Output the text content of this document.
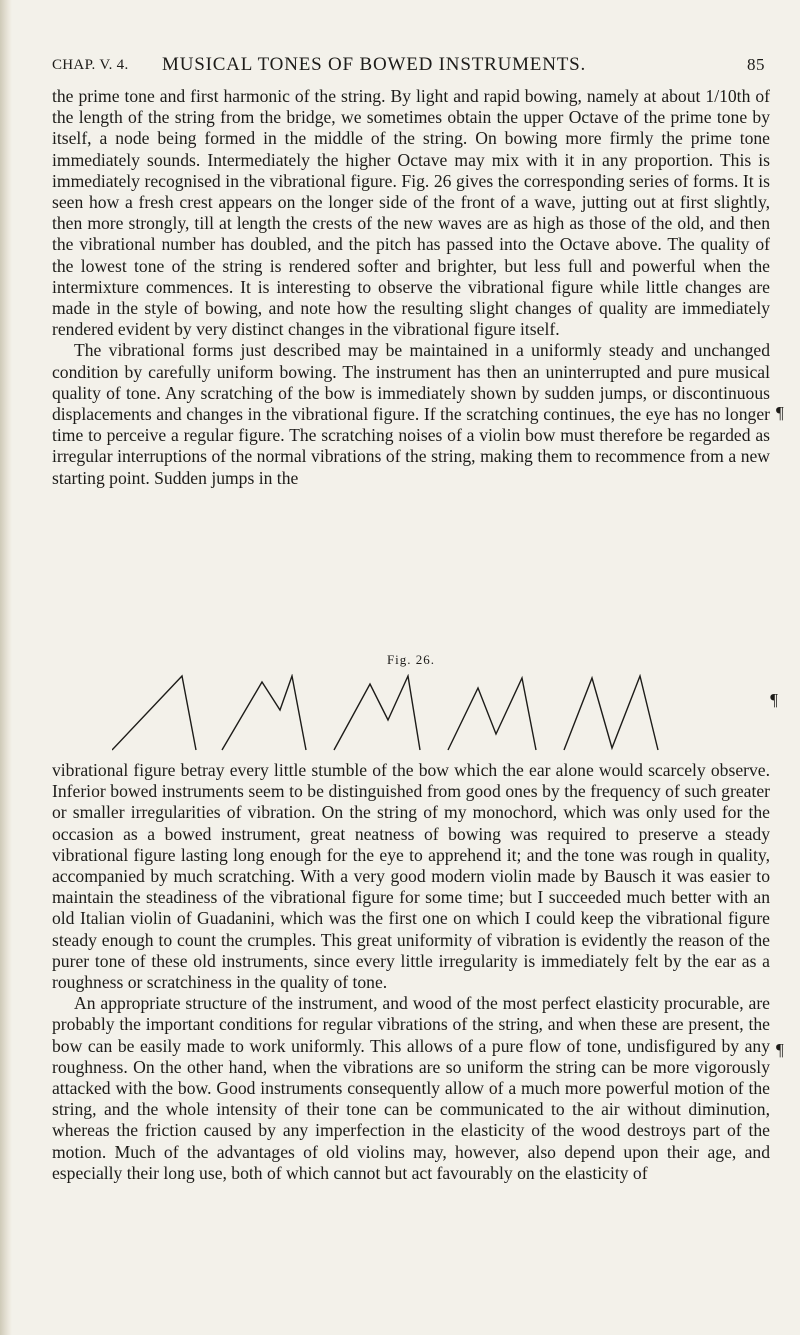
CHAP. V. 4. MUSICAL TONES OF BOWED INSTRUMENTS.	85

the prime tone and first harmonic of the string. By light and rapid bowing, namely at about 1/10th of the length of the string from the bridge, we sometimes obtain the upper Octave of the prime tone by itself, a node being formed in the middle of the string. On bowing more firmly the prime tone immediately sounds. Intermediately the higher Octave may mix with it in any proportion. This is immediately recognised in the vibrational figure. Fig. 26 gives the corresponding series of forms. It is seen how a fresh crest appears on the longer side of the front of a wave, jutting out at first slightly, then more strongly, till at length the crests of the new waves are as high as those of the old, and then the vibrational number has doubled, and the pitch has passed into the Octave above. The quality of the lowest tone of the string is rendered softer and brighter, but less full and powerful when the intermixture commences. It is interesting to observe the vibrational figure while little changes are made in the style of bowing, and note how the resulting slight changes of quality are immediately rendered evident by very distinct changes in the vibrational figure itself.

The vibrational forms just described may be maintained in a uniformly steady and unchanged condition by carefully uniform bowing. The instrument has then an uninterrupted and pure musical quality of tone. Any scratching of the bow is immediately shown by sudden jumps, or discontinuous displacements and changes in the vibrational figure. If the scratching continues, the eye has no longer time to perceive a regular figure. The scratching noises of a violin bow must therefore be regarded as irregular interruptions of the normal vibrations of the string, making them to recommence from a new starting point. Sudden jumps in the

Fig. 26.
¶

vibrational figure betray every little stumble of the bow which the ear alone would scarcely observe. Inferior bowed instruments seem to be distinguished from good ones by the frequency of such greater or smaller irregularities of vibration. On the string of my monochord, which was only used for the occasion as a bowed instrument, great neatness of bowing was required to preserve a steady vibrational figure lasting long enough for the eye to apprehend it; and the tone was rough in quality, accompanied by much scratching. With a very good modern violin made by Bausch it was easier to maintain the steadiness of the vibrational figure for some time; but I succeeded much better with an old Italian violin of Guadanini, which was the first one on which I could keep the vibrational figure steady enough to count the crumples. This great uniformity of vibration is evidently the reason of the purer tone of these old instruments, since every little irregularity is immediately felt by the ear as a roughness or scratchiness in the quality of tone.

An appropriate structure of the instrument, and wood of the most perfect elasticity procurable, are probably the important conditions for regular vibrations of the string, and when these are present, the bow can be easily made to work uniformly. This allows of a pure flow of tone, undisfigured by any roughness. On the other hand, when the vibrations are so uniform the string can be more vigorously attacked with the bow. Good instruments consequently allow of a much more powerful motion of the string, and the whole intensity of their tone can be communicated to the air without diminution, whereas the friction caused by any imperfection in the elasticity of the wood destroys part of the motion. Much of the advantages of old violins may, however, also depend upon their age, and especially their long use, both of which cannot but act favourably on the elasticity of

¶
¶
